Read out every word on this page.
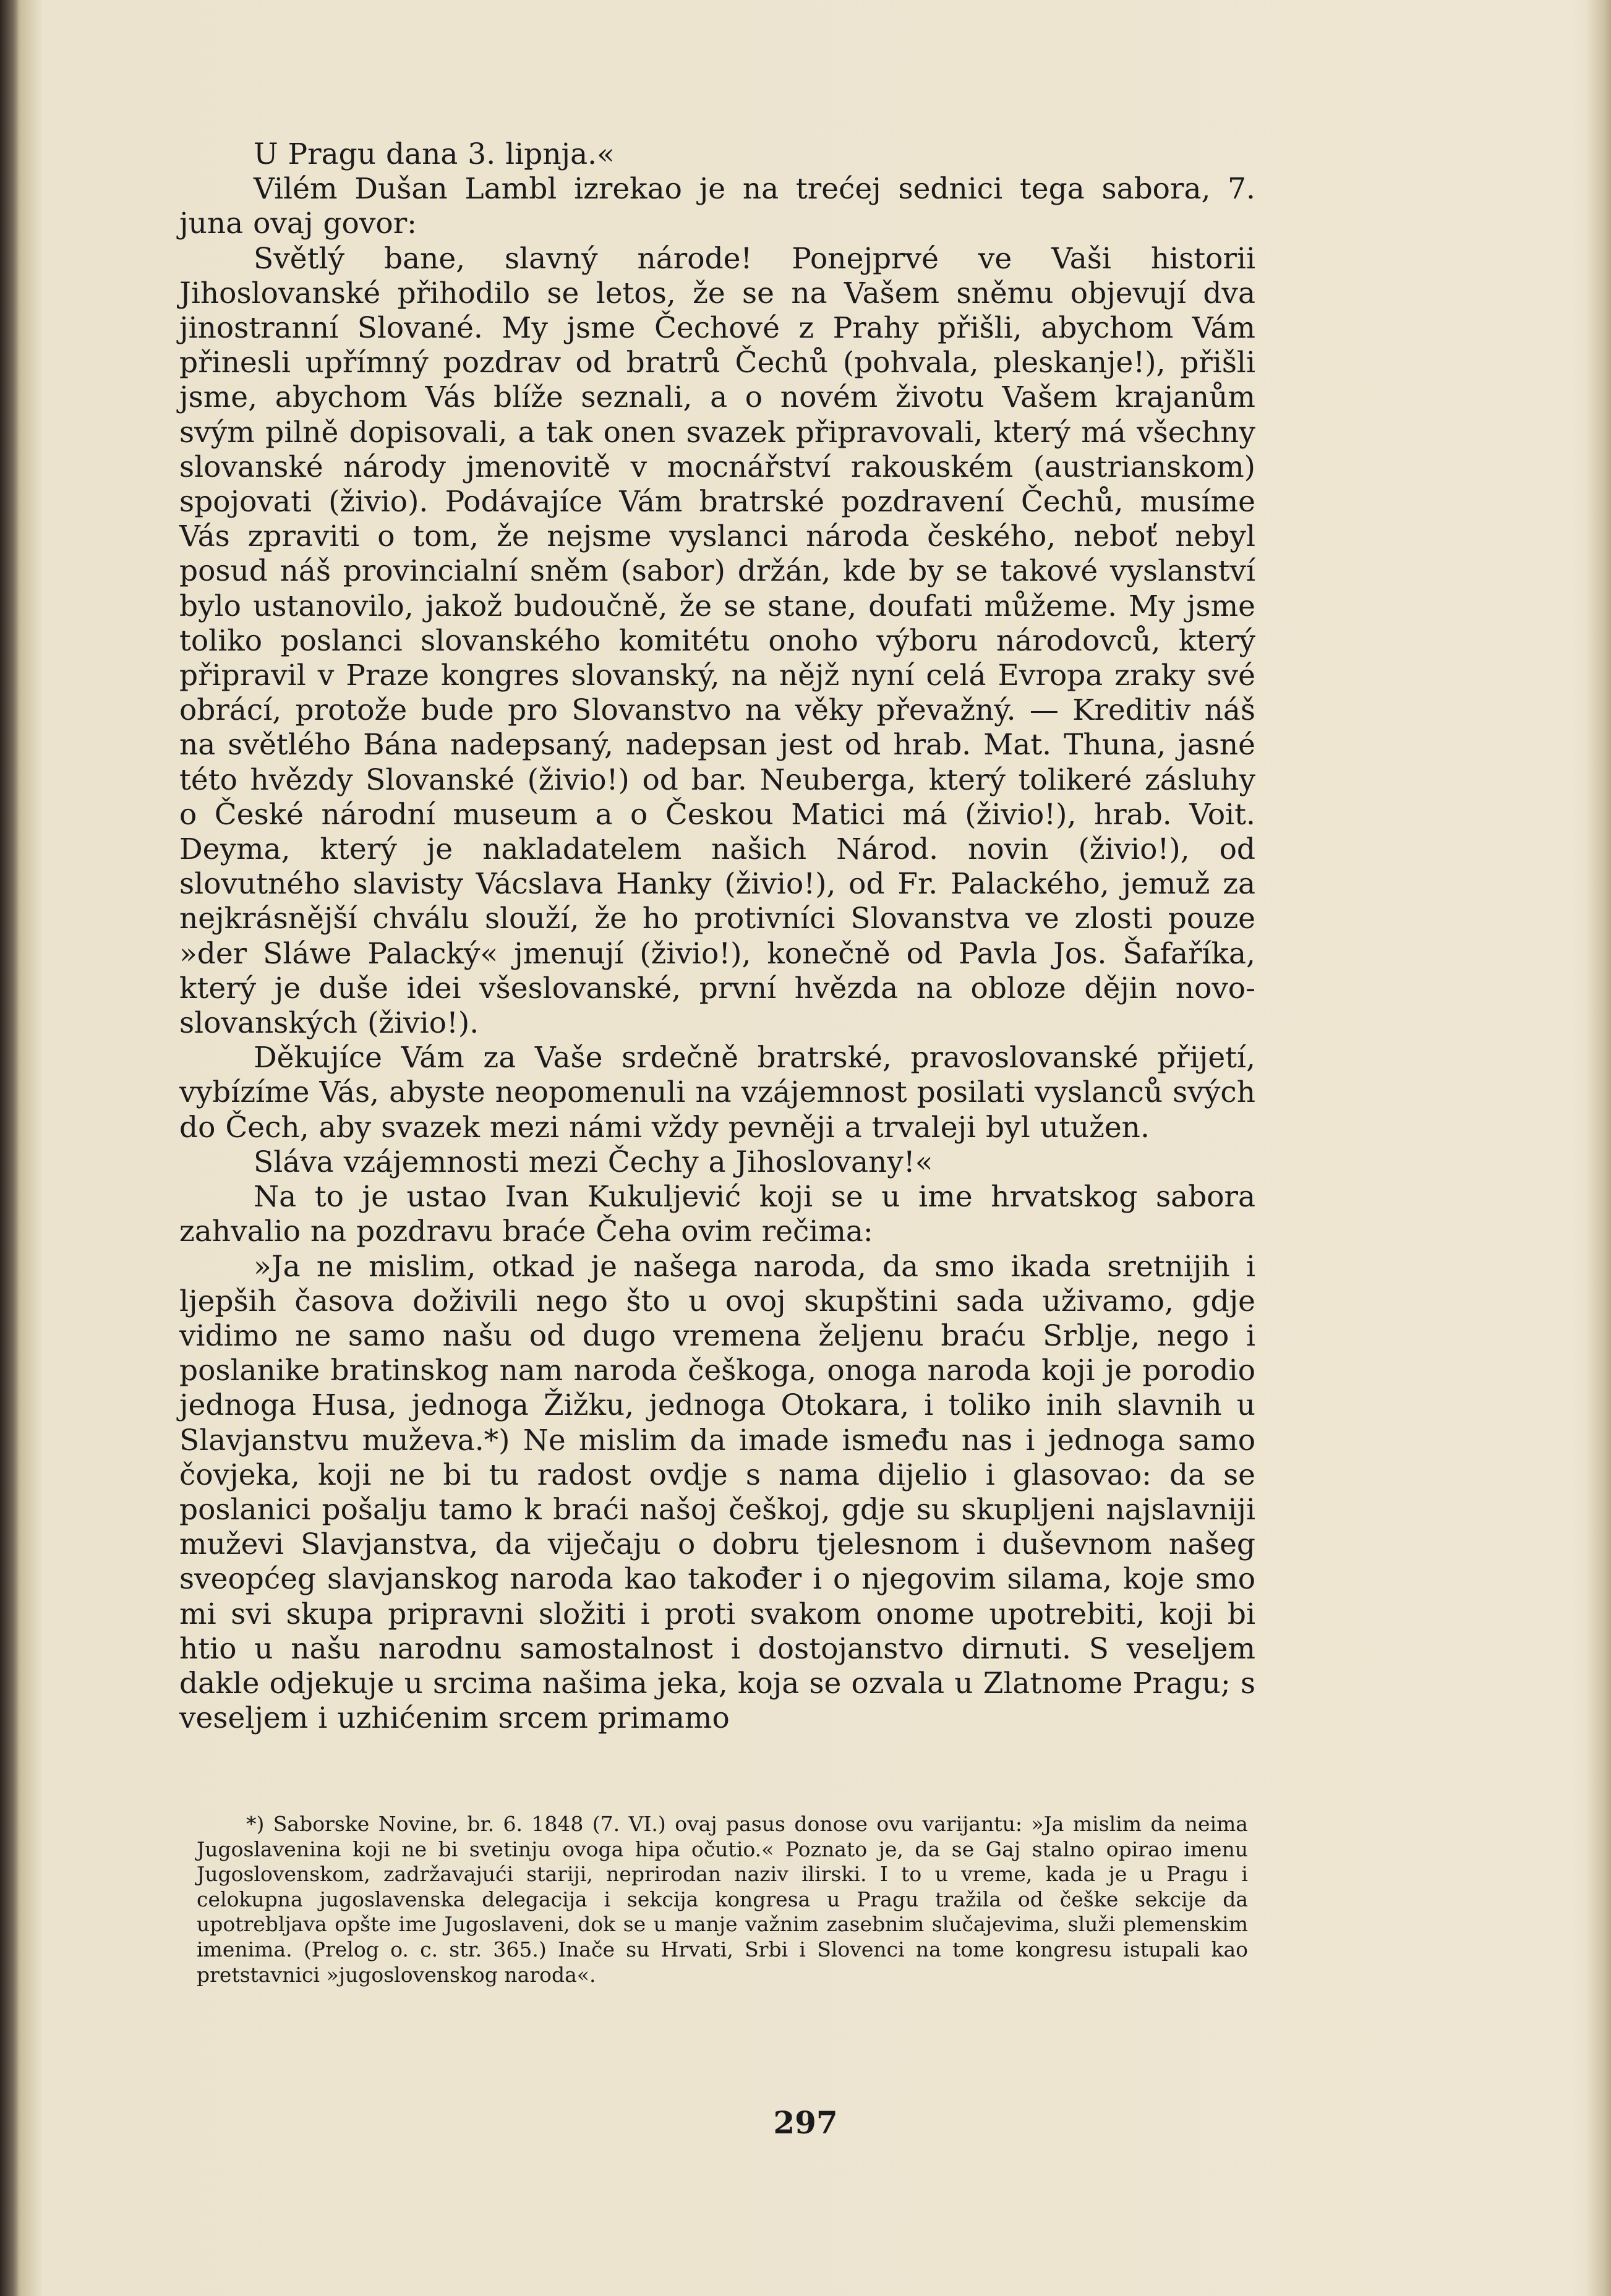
U Pragu dana 3. lipnja.«

Vilém Dušan Lambl izrekao je na trećej sednici tega sabora, 7. juna ovaj govor:

Světlý bane, slavný národe! Ponejprvé ve Vaši historii Jihoslovanské přihodilo se letos, že se na Vašem sněmu objevují dva jinostranní Slované. My jsme Čechové z Prahy přišli, abychom Vám přinesli upřímný pozdrav od bratrů Čechů (pohvala, pleskanje!), přišli jsme, abychom Vás blíže seznali, a o novém životu Vašem krajanům svým pilně dopisovali, a tak onen svazek připravovali, který má všechny slovanské národy jmenovitě v mocnářství rakouském (austrianskom) spojovati (živio). Podávajíce Vám bratrské pozdravení Čechů, musíme Vás zpraviti o tom, že nejsme vyslanci národa českého, neboť nebyl posud náš provincialní sněm (sabor) držán, kde by se takové vyslanství bylo ustanovilo, jakož budoučně, že se stane, doufati můžeme. My jsme toliko poslanci slovanského komitétu onoho výboru národovců, který připravil v Praze kongres slovanský, na nějž nyní celá Evropa zraky své obrácí, protože bude pro Slovanstvo na věky převažný. — Kreditiv náš na světlého Bána nadepsaný, nadepsan jest od hrab. Mat. Thuna, jasné této hvězdy Slovanské (živio!) od bar. Neuberga, který tolikeré zásluhy o České národní museum a o Českou Matici má (živio!), hrab. Voit. Deyma, který je nakladatelem našich Nár​od. novin (živio!), od slovutného slavisty Vácslava Hanky (živio!), od Fr. Palackého, jemuž za nejkrásnější chválu slouží, že ho protivníci Slovanstva ve zlosti pouze »der Sláwe Palacký« jmenují (živio!), konečně od Pavla Jos. Šafaříka, který je duše idei všeslovanské, první hvězda na obloze dějin novo-slovanských (živio!).

Děkujíce Vám za Vaše srdečně bratrské, pravoslovanské přijetí, vybízíme Vás, abyste neopomenuli na vzájemnost posilati vyslanců svých do Čech, aby svazek mezi námi vždy pevněji a trvaleji byl utužen.

Sláva vzájemnosti mezi Čechy a Jihoslovany!«

Na to je ustao Ivan Kukuljević koji se u ime hrvatskog sabora zahvalio na pozdravu braće Čeha ovim rečima:

»Ja ne mislim, otkad je našega naroda, da smo ikada sretnijih i ljepših časova doživili nego što u ovoj skupštini sada uživamo, gdje vidimo ne samo našu od dugo vremena željenu braću Srblje, nego i poslanike bratinskog nam naroda češkoga, onoga naroda koji je porodio jednoga Husa, jednoga Žižku, jednoga Otokara, i toliko inih slavnih u Slavjanstvu muževa.*) Ne mislim da imade ismeđu nas i jednoga samo čovjeka, koji ne bi tu radost ovdje s nama dijelio i glasovao: da se poslanici pošalju tamo k braći našoj češkoj, gdje su skupljeni najslavniji muževi Slavjanstva, da viječaju o dobru tjelesnom i duševnom našeg sveopćeg slavjanskog naroda kao također i o njegovim silama, koje smo mi svi skupa pripravni složiti i proti svakom onome upotrebiti, koji bi htio u našu narodnu samostalnost i dostojanstvo dirnuti. S veseljem dakle odjekuje u srcima našima jeka, koja se ozvala u Zlatnome Pragu; s veseljem i uzhićenim srcem primamo

*) Saborske Novine, br. 6. 1848 (7. VI.) ovaj pasus donose ovu varijantu: »Ja mislim da neima Jugoslavenina koji ne bi svetinju ovoga hipa očutio.« Poznato je, da se Gaj stalno opirao imenu Jugoslovenskom, zadržavajući stariji, neprirodan naziv ilirski. I to u vreme, kada je u Pragu i celokupna jugoslavenska delegacija i sekcija kongresa u Pragu tražila od češke sekcije da upotrebljava opšte ime Jugoslaveni, dok se u manje važnim zasebnim slučajevima, služi plemenskim imenima. (Prelog o. c. str. 365.) Inače su Hrvati, Srbi i Slovenci na tome kongresu istupali kao pretstavnici »jugoslovenskog naroda«.

297
